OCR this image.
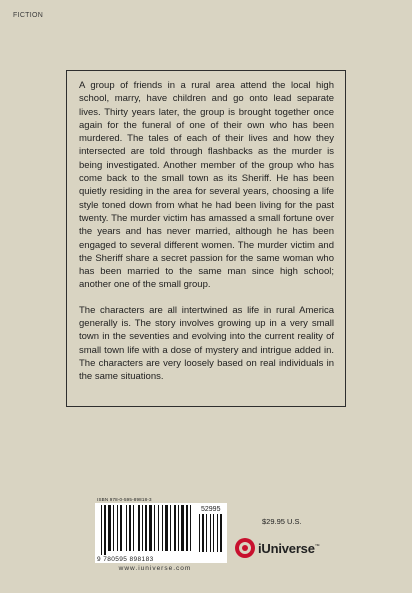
FICTION

A group of friends in a rural area attend the local high school, marry, have children and go onto lead separate lives. Thirty years later, the group is brought together once again for the funeral of one of their own who has been murdered. The tales of each of their lives and how they intersected are told through flashbacks as the murder is being investigated. Another member of the group who has come back to the small town as its Sheriff. He has been quietly residing in the area for several years, choosing a life style toned down from what he had been living for the past twenty. The murder victim has amassed a small fortune over the years and has never married, although he has been engaged to several different women. The murder victim and the Sheriff share a secret passion for the same woman who has been married to the same man since high school; another one of the small group.

The characters are all intertwined as life in rural America generally is. The story involves growing up in a very small town in the seventies and evolving into the current reality of small town life with a dose of mystery and intrigue added in. The characters are very loosely based on real individuals in the same situations.

ISBN 978-0-595-89818-3
52995
9 780595 898183
www.iuniverse.com
$29.95 U.S.
iUniverse™
